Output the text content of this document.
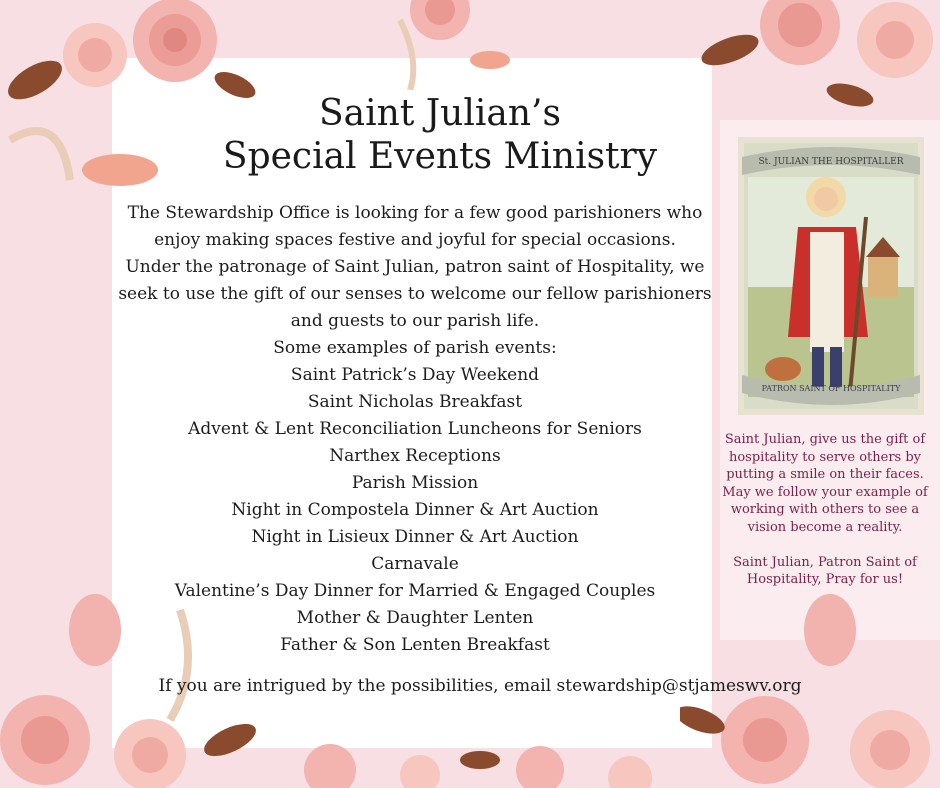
Saint Julian’s
Special Events Ministry

The Stewardship Office is looking for a few good parishioners who enjoy making spaces festive and joyful for special occasions.

Under the patronage of Saint Julian, patron saint of Hospitality, we seek to use the gift of our senses to welcome our fellow parishioners and guests to our parish life.

Some examples of parish events:

Saint Patrick’s Day Weekend
Saint Nicholas Breakfast
Advent & Lent Reconciliation Luncheons for Seniors
Narthex Receptions
Parish Mission
Night in Compostela Dinner & Art Auction
Night in Lisieux Dinner & Art Auction
Carnavale
Valentine’s Day Dinner for Married & Engaged Couples
Mother & Daughter Lenten
Father & Son Lenten Breakfast
If you are intrigued by the possibilities, email stewardship@stjameswv.org
St. JULIAN THE HOSPITALLER
PATRON SAINT OF HOSPITALITY

Saint Julian, give us the gift of hospitality to serve others by putting a smile on their faces. May we follow your example of working with others to see a vision become a reality.

Saint Julian, Patron Saint of Hospitality, Pray for us!
